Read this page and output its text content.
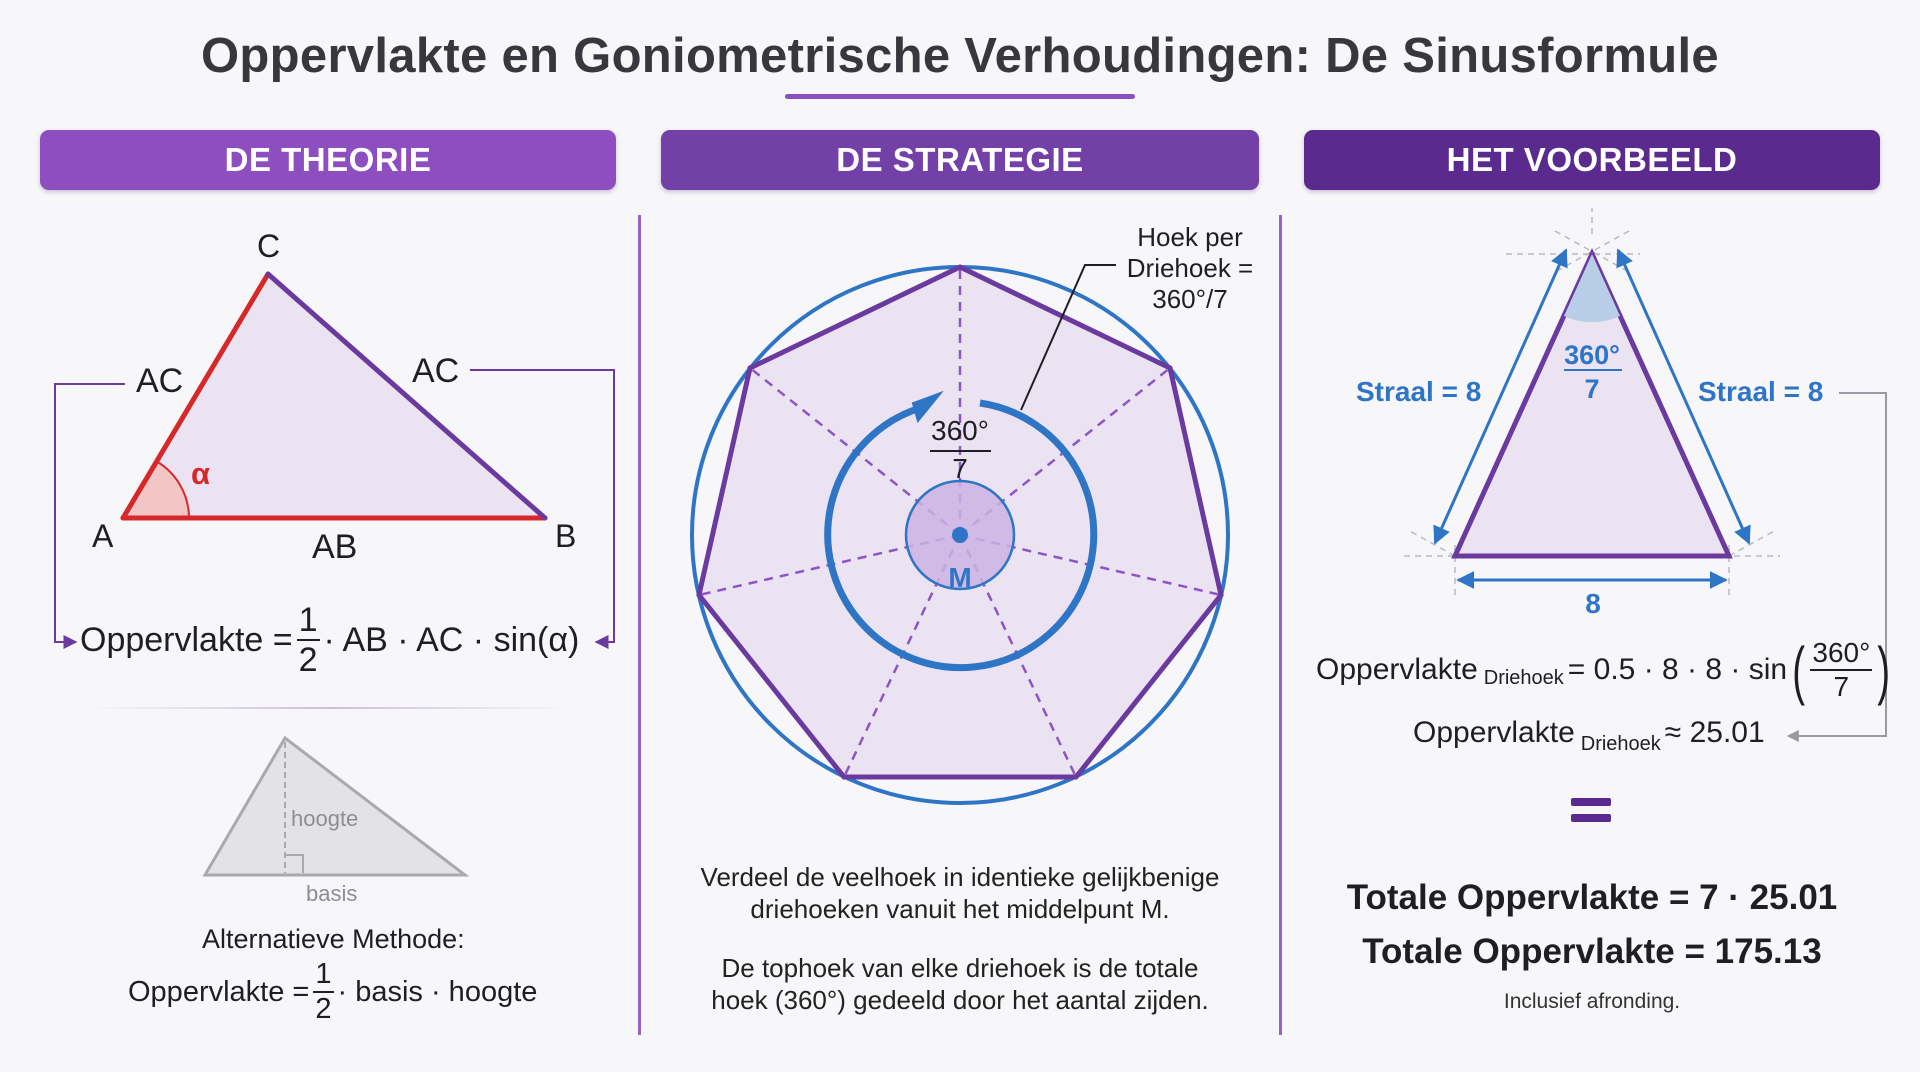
Oppervlakte en Goniometrische Verhoudingen: De Sinusformule
DE THEORIE	DE STRATEGIE	HET VOORBEELD
C
A	B
AC	AC
AB
α
Oppervlakte = $\frac{1}{2}$ · AB · AC · sin(α)
hoogte
basis
Alternatieve Methode:
Oppervlakte = $\frac{1}{2}$ · basis · hoogte
Hoek per
Driehoek =
360°/7
360°
7
M
Verdeel de veelhoek in identieke gelijkbenige
driehoeken vanuit het middelpunt M.
De tophoek van elke driehoek is de totale
hoek (360°) gedeeld door het aantal zijden.
Straal = 8	Straal = 8
360°
7
8
Oppervlakte Driehoek = 0.5 · 8 · 8 · sin ( $\frac{360^\circ}{7}$ )
Oppervlakte $_{Driehoek}$ ≈ 25.01
Totale Oppervlakte = 7 · 25.01
Totale Oppervlakte = 175.13
Inclusief afronding.
